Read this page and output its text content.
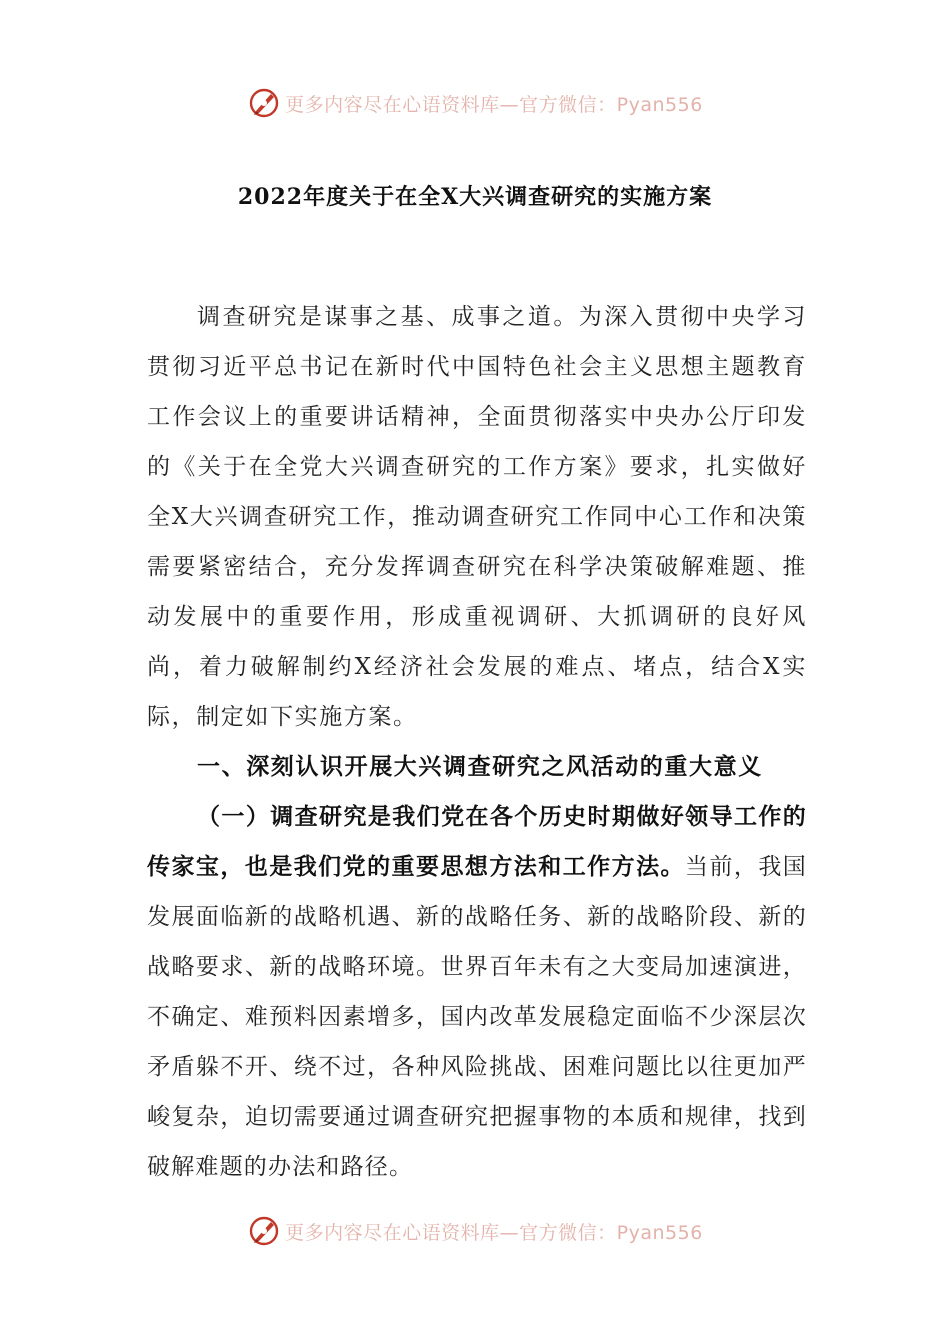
更多内容尽在心语资料库—官方微信：Pyan556
2022年度关于在全X大兴调查研究的实施方案

调查研究是谋事之基、成事之道。为深入贯彻中央学习贯彻习近平总书记在新时代中国特色社会主义思想主题教育工作会议上的重要讲话精神，全面贯彻落实中央办公厅印发的《关于在全党大兴调查研究的工作方案》要求，扎实做好全X大兴调查研究工作，推动调查研究工作同中心工作和决策需要紧密结合，充分发挥调查研究在科学决策破解难题、推动发展中的重要作用，形成重视调研、大抓调研的良好风尚，着力破解制约X经济社会发展的难点、堵点，结合X实际，制定如下实施方案。

一、深刻认识开展大兴调查研究之风活动的重大意义

（一）调查研究是我们党在各个历史时期做好领导工作的传家宝，也是我们党的重要思想方法和工作方法。当前，我国发展面临新的战略机遇、新的战略任务、新的战略阶段、新的战略要求、新的战略环境。世界百年未有之大变局加速演进，不确定、难预料因素增多，国内改革发展稳定面临不少深层次矛盾躲不开、绕不过，各种风险挑战、困难问题比以往更加严峻复杂，迫切需要通过调查研究把握事物的本质和规律，找到破解难题的办法和路径。

更多内容尽在心语资料库—官方微信：Pyan556
